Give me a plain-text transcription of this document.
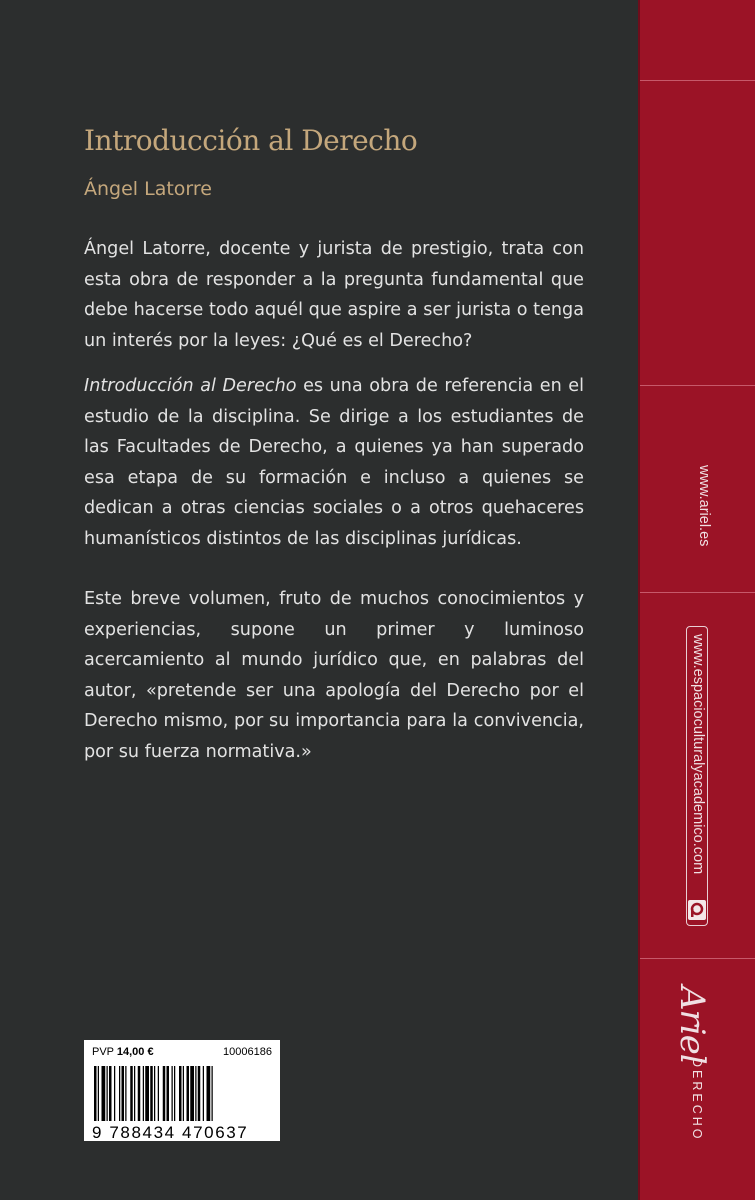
Introducción al Derecho
Ángel Latorre
Ángel Latorre, docente y jurista de prestigio, trata con esta obra de responder a la pregunta fundamental que debe hacerse todo aquél que aspire a ser jurista o tenga un interés por la leyes: ¿Qué es el Derecho?
Introducción al Derecho es una obra de referencia en el estudio de la disciplina. Se dirige a los estudiantes de las Facultades de Derecho, a quienes ya han superado esa etapa de su formación e incluso a quienes se dedican a otras ciencias sociales o a otros quehaceres humanísticos distintos de las disciplinas jurídicas.
Este breve volumen, fruto de muchos conocimientos y experiencias, supone un primer y luminoso acercamiento al mundo jurídico que, en palabras del autor, «pretende ser una apología del Derecho por el Derecho mismo, por su importancia para la convivencia, por su fuerza normativa.»
PVP 14,00 €	10006186
9 788434 470637
www.ariel.es
www.espacioculturalyacademico.com
Ariel
DERECHO
